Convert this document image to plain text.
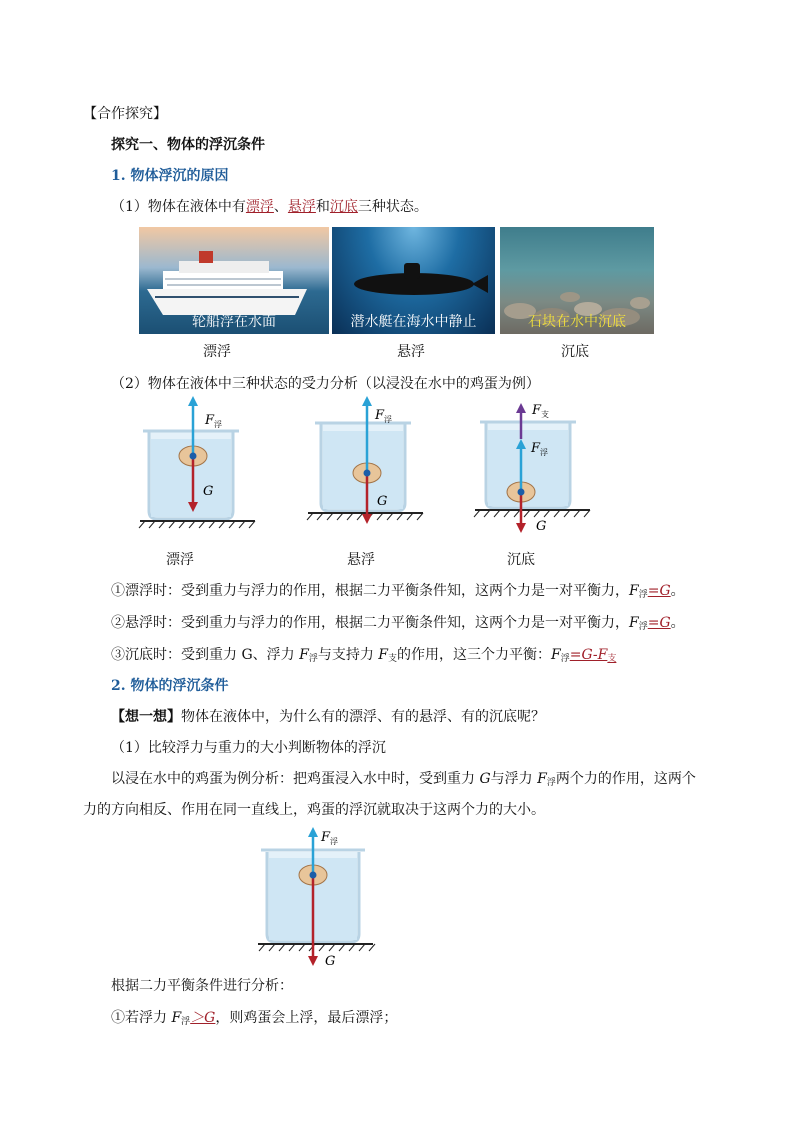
【合作探究】
探究一、物体的浮沉条件
1. 物体浮沉的原因
（1）物体在液体中有漂浮、悬浮和沉底三种状态。
轮船浮在水面	潜水艇在海水中静止	石块在水中沉底
漂浮	悬浮	沉底
（2）物体在液体中三种状态的受力分析（以浸没在水中的鸡蛋为例）
F 浮
G
F 浮
G
F 支
F 浮
G
漂浮	悬浮	沉底
①漂浮时：受到重力与浮力的作用，根据二力平衡条件知，这两个力是一对平衡力，$F_浮=G$。
②悬浮时：受到重力与浮力的作用，根据二力平衡条件知，这两个力是一对平衡力，$F_浮=G$。
③沉底时：受到重力 G、浮力 $F_浮$与支持力 $F_支$的作用，这三个力平衡：$F_浮=G-F_支$
2. 物体的浮沉条件
【想一想】物体在液体中，为什么有的漂浮、有的悬浮、有的沉底呢？
（1）比较浮力与重力的大小判断物体的浮沉
以浸在水中的鸡蛋为例分析：把鸡蛋浸入水中时，受到重力 G与浮力 $F_浮$两个力的作用，这两个
力的方向相反、作用在同一直线上，鸡蛋的浮沉就取决于这两个力的大小。
F 浮
G
根据二力平衡条件进行分析：
①若浮力 $F_浮>G$，则鸡蛋会上浮，最后漂浮；
